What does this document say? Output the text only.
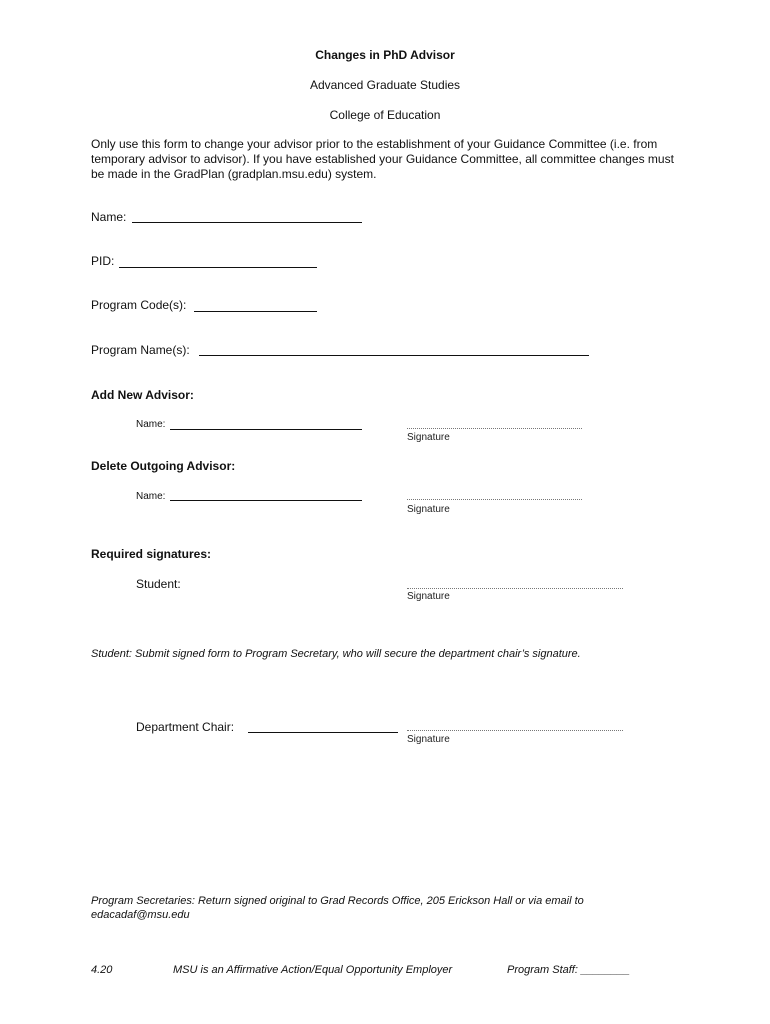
Changes in PhD Advisor
Advanced Graduate Studies
College of Education
Only use this form to change your advisor prior to the establishment of your Guidance Committee (i.e. from temporary advisor to advisor). If you have established your Guidance Committee, all committee changes must be made in the GradPlan (gradplan.msu.edu) system.
Name:
PID:
Program Code(s):
Program Name(s):
Add New Advisor:
Name:
Signature
Delete Outgoing Advisor:
Name:
Signature
Required signatures:
Student:
Signature
Student: Submit signed form to Program Secretary, who will secure the department chair’s signature.
Department Chair:
Signature
Program Secretaries: Return signed original to Grad Records Office, 205 Erickson Hall or via email to edacadaf@msu.edu
4.20	MSU is an Affirmative Action/Equal Opportunity Employer	Program Staff: ________
